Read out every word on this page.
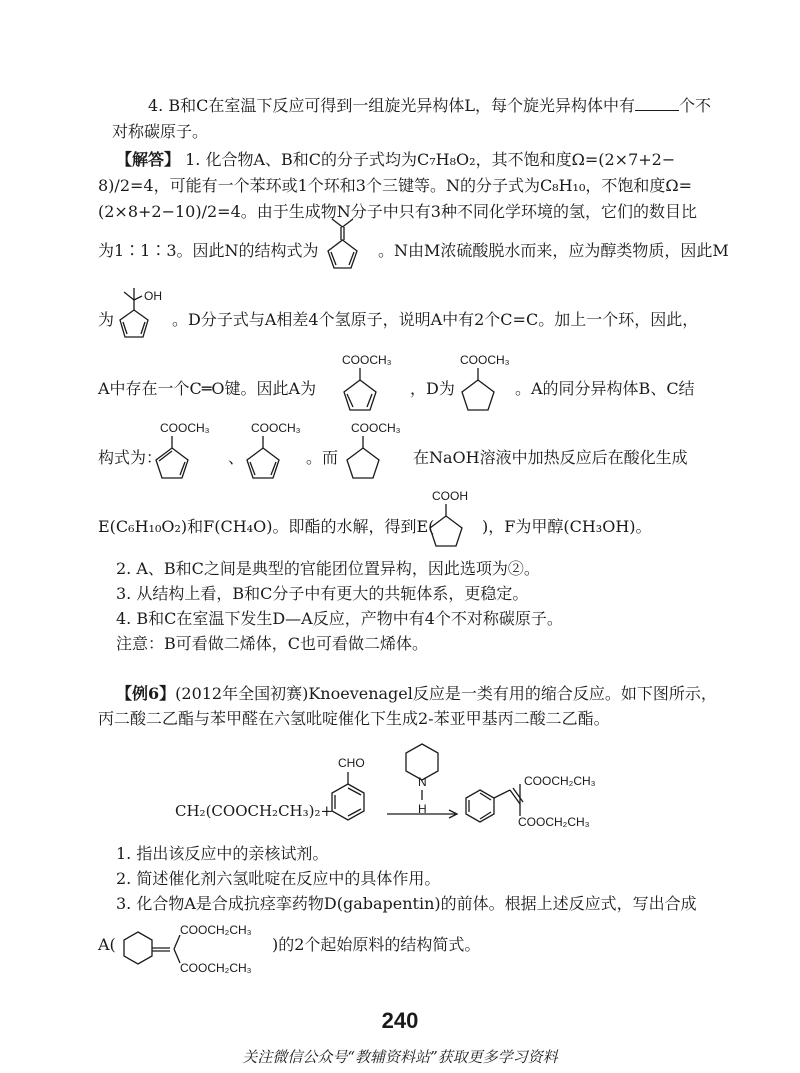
4. B和C在室温下反应可得到一组旋光异构体L，每个旋光异构体中有	个不
对称碳原子。
【解答】 1. 化合物A、B和C的分子式均为C₇H₈O₂，其不饱和度Ω=(2×7+2−
8)/2=4，可能有一个苯环或1个环和3个三键等。N的分子式为C₈H₁₀，不饱和度Ω=
(2×8+2−10)/2=4。由于生成物N分子中只有3种不同化学环境的氢，它们的数目比
为1∶1∶3。因此N的结构式为	。N由M浓硫酸脱水而来，应为醇类物质，因此M
为
OH
。D分子式与A相差4个氢原子，说明A中有2个C=C。加上一个环，因此，
A中存在一个C═O键。因此A为
COOCH₃
，D为
COOCH₃
。A的同分异构体B、C结
构式为：
COOCH₃
、
COOCH₃
。而
COOCH₃
在NaOH溶液中加热反应后在酸化生成
E(C₆H₁₀O₂)和F(CH₄O)。即酯的水解，得到E(
COOH
)，F为甲醇(CH₃OH)。
2. A、B和C之间是典型的官能团位置异构，因此选项为②。
3. 从结构上看，B和C分子中有更大的共轭体系，更稳定。
4. B和C在室温下发生D—A反应，产物中有4个不对称碳原子。
注意：B可看做二烯体，C也可看做二烯体。
【例6】(2012年全国初赛)Knoevenagel反应是一类有用的缩合反应。如下图所示，
丙二酸二乙酯与苯甲醛在六氢吡啶催化下生成2-苯亚甲基丙二酸二乙酯。
CH₂(COOCH₂CH₃)₂+
CHO
N
H
COOCH₂CH₃
COOCH₂CH₃
1. 指出该反应中的亲核试剂。
2. 简述催化剂六氢吡啶在反应中的具体作用。
3. 化合物A是合成抗痉挛药物D(gabapentin)的前体。根据上述反应式，写出合成
A(
COOCH₂CH₃
COOCH₂CH₃
)的2个起始原料的结构简式。
240
关注微信公众号“教辅资料站”获取更多学习资料
